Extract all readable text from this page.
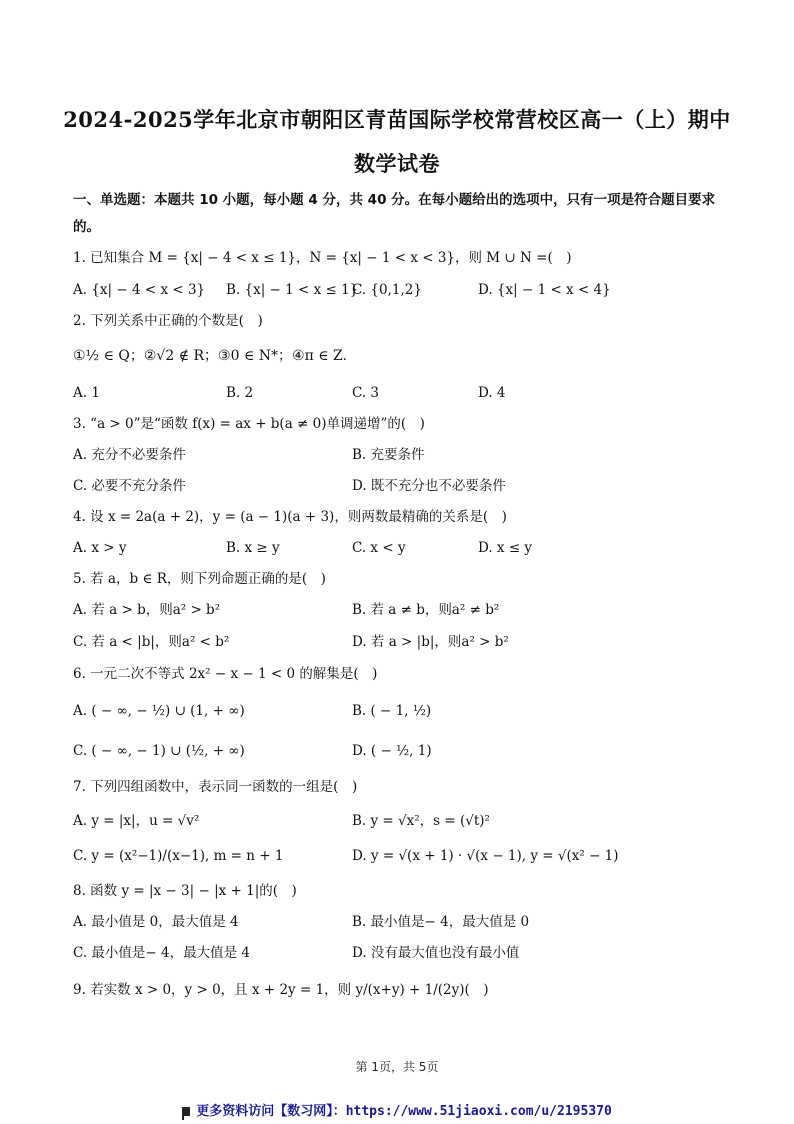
2024-2025学年北京市朝阳区青苗国际学校常营校区高一（上）期中
数学试卷
一、单选题：本题共 10 小题，每小题 4 分，共 40 分。在每小题给出的选项中，只有一项是符合题目要求
的。
1. 已知集合 M = {x| − 4 < x ≤ 1}，N = {x| − 1 < x < 3}，则 M ∪ N =(　)
A. {x| − 4 < x < 3} B. {x| − 1 < x ≤ 1}
C. {0,1,2}	D. {x| − 1 < x < 4}
2. 下列关系中正确的个数是(　)
①½ ∈ Q；②√2 ∉ R；③0 ∈ N*；④π ∈ Z.
A. 1	B. 2	C. 3	D. 4
3. “a > 0”是“函数 f(x) = ax + b(a ≠ 0)单调递增”的(　)
A. 充分不必要条件	B. 充要条件
C. 必要不充分条件	D. 既不充分也不必要条件
4. 设 x = 2a(a + 2)，y = (a − 1)(a + 3)，则两数最精确的关系是(　)
A. x > y	B. x ≥ y	C. x < y	D. x ≤ y
5. 若 a，b ∈ R，则下列命题正确的是(　)
A. 若 a > b，则a² > b²	B. 若 a ≠ b，则a² ≠ b²
C. 若 a < |b|，则a² < b²	D. 若 a > |b|，则a² > b²
6. 一元二次不等式 2x² − x − 1 < 0 的解集是(　)
A. ( − ∞, − ½) ∪ (1, + ∞)	B. ( − 1, ½)
C. ( − ∞, − 1) ∪ (½, + ∞)	D. ( − ½, 1)
7. 下列四组函数中，表示同一函数的一组是(　)
A. y = |x|，u = √v²	B. y = √x²，s = (√t)²
C. y = (x²−1)/(x−1), m = n + 1	D. y = √(x + 1) · √(x − 1), y = √(x² − 1)
8. 函数 y = |x − 3| − |x + 1|的(　)
A. 最小值是 0，最大值是 4	B. 最小值是− 4，最大值是 0
C. 最小值是− 4，最大值是 4	D. 没有最大值也没有最小值
9. 若实数 x > 0，y > 0，且 x + 2y = 1，则 y/(x+y) + 1/(2y)(　)
第 1页，共 5页
更多资料访问【数习网】：https://www.51jiaoxi.com/u/2195370
